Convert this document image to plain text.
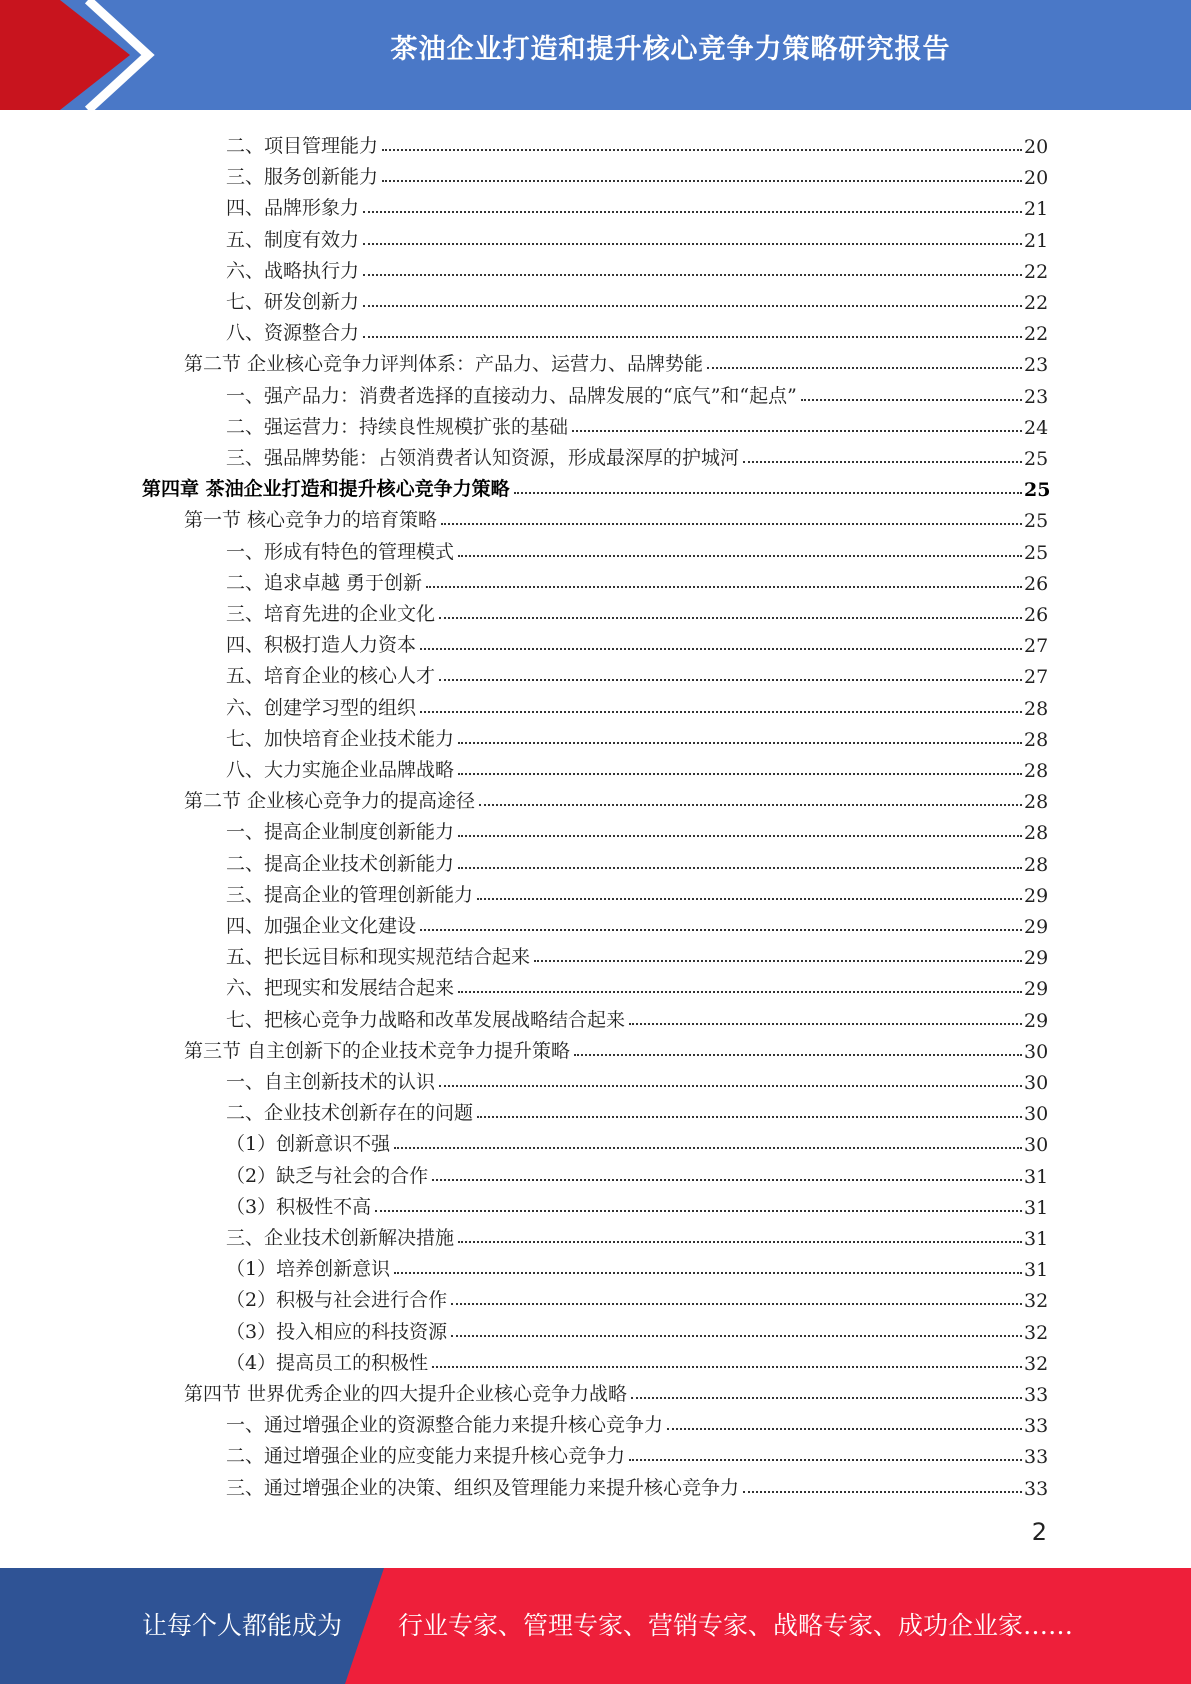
茶油企业打造和提升核心竞争力策略研究报告
二、项目管理能力	20
三、服务创新能力	20
四、品牌形象力	21
五、制度有效力	21
六、战略执行力	22
七、研发创新力	22
八、资源整合力	22
第二节 企业核心竞争力评判体系：产品力、运营力、品牌势能	23
一、强产品力：消费者选择的直接动力、品牌发展的“底气”和“起点”	23
二、强运营力：持续良性规模扩张的基础	24
三、强品牌势能：占领消费者认知资源，形成最深厚的护城河	25
第四章 茶油企业打造和提升核心竞争力策略	25
第一节 核心竞争力的培育策略	25
一、形成有特色的管理模式	25
二、追求卓越 勇于创新	26
三、培育先进的企业文化	26
四、积极打造人力资本	27
五、培育企业的核心人才	27
六、创建学习型的组织	28
七、加快培育企业技术能力	28
八、大力实施企业品牌战略	28
第二节 企业核心竞争力的提高途径	28
一、提高企业制度创新能力	28
二、提高企业技术创新能力	28
三、提高企业的管理创新能力	29
四、加强企业文化建设	29
五、把长远目标和现实规范结合起来	29
六、把现实和发展结合起来	29
七、把核心竞争力战略和改革发展战略结合起来	29
第三节 自主创新下的企业技术竞争力提升策略	30
一、自主创新技术的认识	30
二、企业技术创新存在的问题	30
（1）创新意识不强	30
（2）缺乏与社会的合作	31
（3）积极性不高	31
三、企业技术创新解决措施	31
（1）培养创新意识	31
（2）积极与社会进行合作	32
（3）投入相应的科技资源	32
（4）提高员工的积极性	32
第四节 世界优秀企业的四大提升企业核心竞争力战略	33
一、通过增强企业的资源整合能力来提升核心竞争力	33
二、通过增强企业的应变能力来提升核心竞争力	33
三、通过增强企业的决策、组织及管理能力来提升核心竞争力	33
2
让每个人都能成为 行业专家、管理专家、营销专家、战略专家、成功企业家……
